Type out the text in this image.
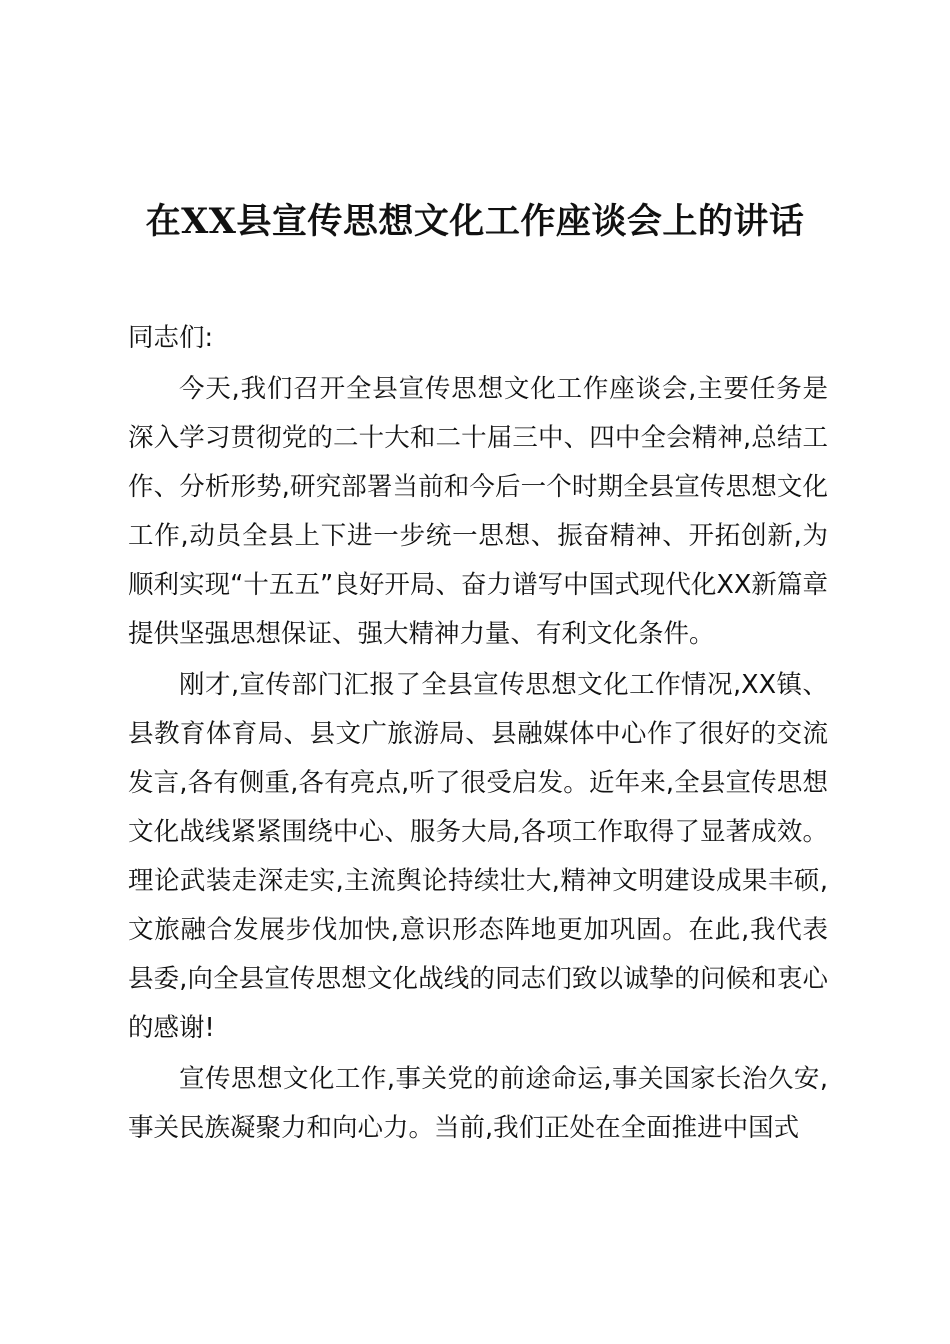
在XX县宣传思想文化工作座谈会上的讲话

同志们:

今天,我们召开全县宣传思想文化工作座谈会,主要任务是深入学习贯彻党的二十大和二十届三中、四中全会精神,总结工作、分析形势,研究部署当前和今后一个时期全县宣传思想文化工作,动员全县上下进一步统一思想、振奋精神、开拓创新,为顺利实现“十五五”良好开局、奋力谱写中国式现代化XX新篇章提供坚强思想保证、强大精神力量、有利文化条件。

刚才,宣传部门汇报了全县宣传思想文化工作情况,XX镇、县教育体育局、县文广旅游局、县融媒体中心作了很好的交流发言,各有侧重,各有亮点,听了很受启发。近年来,全县宣传思想文化战线紧紧围绕中心、服务大局,各项工作取得了显著成效。理论武装走深走实,主流舆论持续壮大,精神文明建设成果丰硕,文旅融合发展步伐加快,意识形态阵地更加巩固。在此,我代表县委,向全县宣传思想文化战线的同志们致以诚挚的问候和衷心的感谢!

宣传思想文化工作,事关党的前途命运,事关国家长治久安,事关民族凝聚力和向心力。当前,我们正处在全面推进中国式
